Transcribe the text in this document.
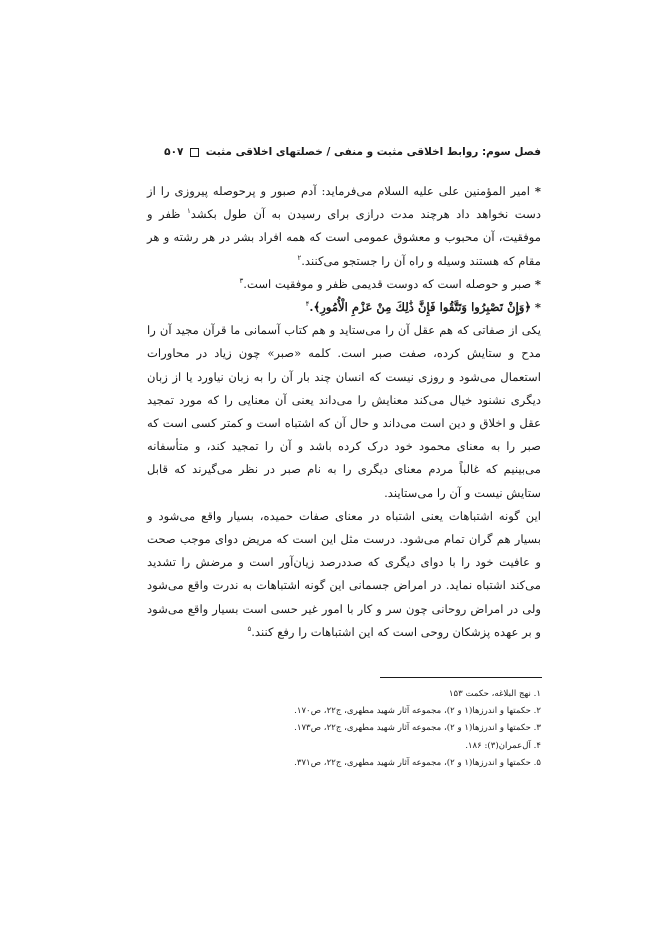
فصل سوم: روابط اخلاقی مثبت و منفی / خصلتهای اخلاقی مثبت  ۵۰۷

* امیر المؤمنین علی علیه السلام می‌فرماید: آدم صبور و پرحوصله پیروزی را از دست نخواهد داد هرچند مدت درازی برای رسیدن به آن طول بکشد$^۱$ ظفر و موفقیت، آن محبوب و معشوق عمومی است که همه افراد بشر در هر رشته و هر مقام که هستند وسیله و راه آن را جستجو می‌کنند.$^۲$

* صبر و حوصله است که دوست قدیمی ظفر و موفقیت است.$^۳$

* ﴿وَإِنْ تَصْبِرُوا وَتَتَّقُوا فَإِنَّ ذَٰلِكَ مِنْ عَزْمِ الْأُمُورِ﴾.$^۴$

یکی از صفاتی که هم عقل آن را می‌ستاید و هم کتاب آسمانی ما قرآن مجید آن را مدح و ستایش کرده، صفت صبر است. کلمه «صبر» چون زیاد در محاورات استعمال می‌شود و روزی نیست که انسان چند بار آن را به زبان نیاورد یا از زبان دیگری نشنود خیال می‌کند معنایش را می‌داند یعنی آن معنایی را که مورد تمجید عقل و اخلاق و دین است می‌داند و حال آن که اشتباه است و کمتر کسی است که صبر را به معنای محمود خود درک کرده باشد و آن را تمجید کند، و متأسفانه می‌بینیم که غالباً مردم معنای دیگری را به نام صبر در نظر می‌گیرند که قابل ستایش نیست و آن را می‌ستایند.

این گونه اشتباهات یعنی اشتباه در معنای صفات حمیده، بسیار واقع می‌شود و بسیار هم گران تمام می‌شود. درست مثل این است که مریض دوای موجب صحت و عافیت خود را با دوای دیگری که صددرصد زیان‌آور است و مرضش را تشدید می‌کند اشتباه نماید. در امراض جسمانی این گونه اشتباهات به ندرت واقع می‌شود ولی در امراض روحانی چون سر و کار با امور غیر حسی است بسیار واقع می‌شود و بر عهده پزشکان روحی است که این اشتباهات را رفع کنند.$^۵$

۱. نهج البلاغه، حکمت ۱۵۳
۲. حکمتها و اندرزها(۱ و ۲)، مجموعه آثار شهید مطهری، ج۲۲، ص۱۷۰.
۳. حکمتها و اندرزها(۱ و ۲)، مجموعه آثار شهید مطهری، ج۲۲، ص۱۷۳.
۴. آل‌عمران(۳): ۱۸۶.
۵. حکمتها و اندرزها(۱ و ۲)، مجموعه آثار شهید مطهری، ج۲۲، ص۳۷۱.
